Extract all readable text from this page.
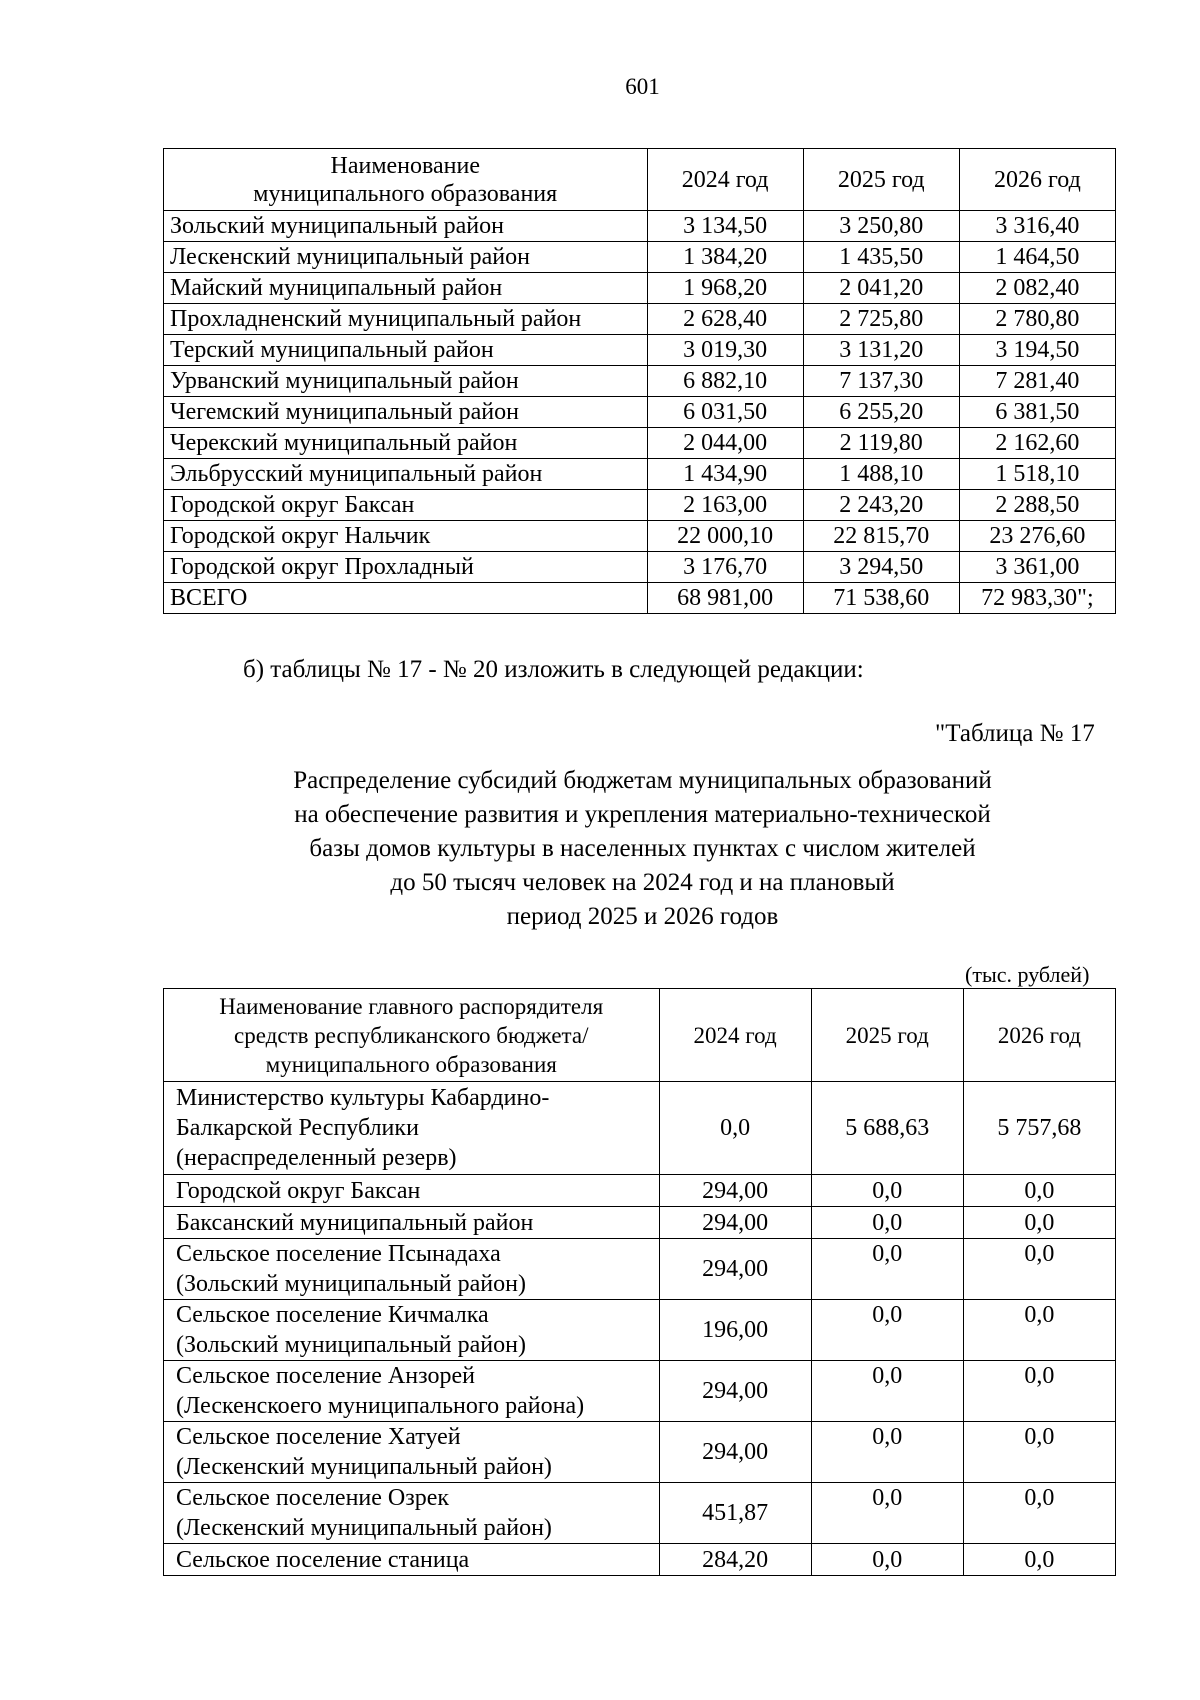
601
Наименование
муниципального образования	2024 год	2025 год	2026 год
Зольский муниципальный район	3 134,50	3 250,80	3 316,40
Лескенский муниципальный район	1 384,20	1 435,50	1 464,50
Майский муниципальный район	1 968,20	2 041,20	2 082,40
Прохладненский муниципальный район	2 628,40	2 725,80	2 780,80
Терский муниципальный район	3 019,30	3 131,20	3 194,50
Урванский муниципальный район	6 882,10	7 137,30	7 281,40
Чегемский муниципальный район	6 031,50	6 255,20	6 381,50
Черекский муниципальный район	2 044,00	2 119,80	2 162,60
Эльбрусский муниципальный район	1 434,90	1 488,10	1 518,10
Городской округ Баксан	2 163,00	2 243,20	2 288,50
Городской округ Нальчик	22 000,10	22 815,70	23 276,60
Городской округ Прохладный	3 176,70	3 294,50	3 361,00
ВСЕГО	68 981,00	71 538,60	72 983,30";
б) таблицы № 17 - № 20 изложить в следующей редакции:
"Таблица № 17
Распределение субсидий бюджетам муниципальных образований
на обеспечение развития и укрепления материально-технической
базы домов культуры в населенных пунктах с числом жителей
до 50 тысяч человек на 2024 год и на плановый
период 2025 и 2026 годов
(тыс. рублей)
Наименование главного распорядителя
средств республиканского бюджета/
муниципального образования	2024 год	2025 год	2026 год
Министерство культуры Кабардино-
Балкарской Республики
(нераспределенный резерв)	0,0	5 688,63	5 757,68
Городской округ Баксан	294,00	0,0	0,0
Баксанский муниципальный район	294,00	0,0	0,0
Сельское поселение Псынадаха
(Зольский муниципальный район)	294,00	0,0	0,0
Сельское поселение Кичмалка
(Зольский муниципальный район)	196,00	0,0	0,0
Сельское поселение Анзорей
(Лескенскоего муниципального района)	294,00	0,0	0,0
Сельское поселение Хатуей
(Лескенский муниципальный район)	294,00	0,0	0,0
Сельское поселение Озрек
(Лескенский муниципальный район)	451,87	0,0	0,0
Сельское поселение станица	284,20	0,0	0,0
